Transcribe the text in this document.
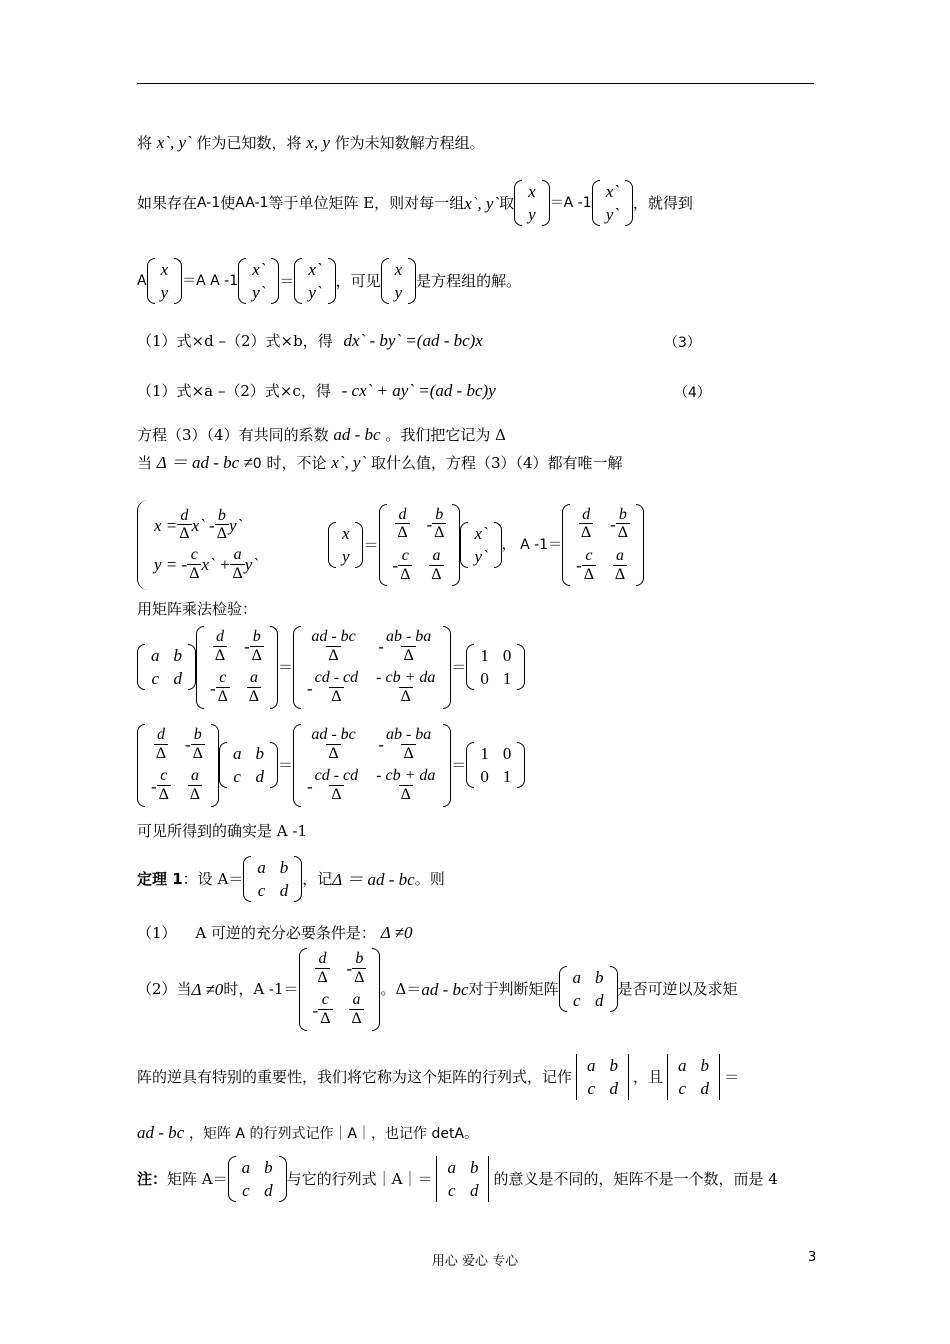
将 x`, y` 作为已知数，将 x, y 作为未知数解方程组。
如果存在 A-1 使 AA-1 等于单位矩阵 E，则对每一组 x`, y` 取
x
y
＝A -1
x`
y`
，就得到
A
x
y
＝A A -1
x`
y`
＝
x`
y`
，可见
x
y
是方程组的解。
（1）式×d –（2）式×b，得 dx` - by` =(ad - bc)x	（3）
（1）式×a –（2）式×c，得 - cx` + ay` =(ad - bc)y	（4）
方程（3）（4）有共同的系数 ad - bc 。我们把它记为 Δ
当 Δ ＝ ad - bc ≠0 时，不论 x`, y` 取什么值，方程（3）（4）都有唯一解
x =
d
Δ x` -
b
Δ y`
y = -
c
Δ x` +
a
Δ y`
x
y
＝
d
Δ -
b
Δ
-
c
Δ
a
Δ
x`
y`
， A -1＝
d
Δ -
b
Δ
-
c
Δ
a
Δ
用矩阵乘法检验：
a b
c d
d
Δ -
b
Δ
-
c
Δ
a
Δ
＝
ad - bc
Δ -
ab - ba
Δ
-
cd - cd
Δ
- cb + da
Δ
＝
1 0
0 1
d
Δ -
b
Δ
-
c
Δ
a
Δ
a b
c d
＝
ad - bc
Δ -
ab - ba
Δ
-
cd - cd
Δ
- cb + da
Δ
＝
1 0
0 1
可见所得到的确实是 A -1
定理 1 ：设 A＝
a b
c d
，记 Δ ＝ ad - bc 。则
（1） A 可逆的充分必要条件是： Δ ≠0
（2）当 Δ ≠0 时，A -1＝
d
Δ -
b
Δ
-
c
Δ
a
Δ
。Δ＝ ad - bc 对于判断矩阵
a b
c d
是否可逆以及求矩
阵的逆具有特别的重要性，我们将它称为这个矩阵的行列式，记作
a b
c d
，且
a b
c d
＝
ad - bc ，矩阵 A 的行列式记作｜A｜，也记作 detA。
注： 矩阵 A＝
a b
c d
与它的行列式｜A｜＝
a b
c d
的意义是不同的，矩阵不是一个数，而是 4
用心 爱心 专心	3
